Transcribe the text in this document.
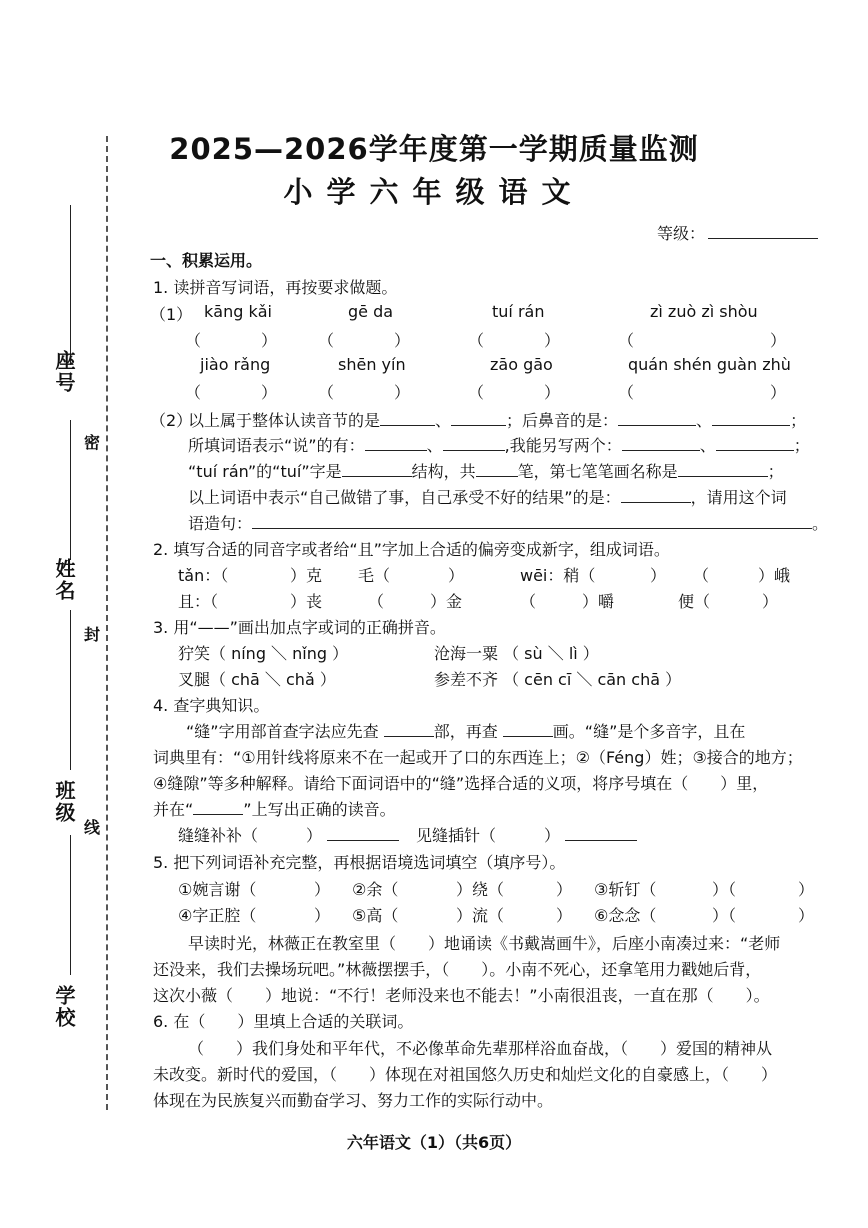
座号
姓名
班级
学校
密
封
线
2025—2026学年度第一学期质量监测
小学六年级语文
等级：
一、积累运用。
1. 读拼音写词语，再按要求做题。
（1） kāng kǎi	gē da	tuí rán	zì zuò zì shòu
（　　　） （　　　）	（　　　）	（　　　）
jiào rǎng	shēn yín	zāo gāo	quán shén guàn zhù
（　　　） （　　　）	（　　　）	（　　　）
（2）
以上属于整体认读音节的是	、	；后鼻音的是：	、	；
所填词语表示“说”的有：	、	,我能另写两个：	、	；
“tuí rán”的“tuí”字是	结构，共	笔，第七笔笔画名称是	；
以上词语中表示“自己做错了事，自己承受不好的结果”的是：	，请用这个词
语造句：	。
2. 填写合适的同音字或者给“且”字加上合适的偏旁变成新字，组成词语。
tǎn：（	）克 毛（	）	wēi：稍（	） （	）峨
且：（	）丧	（	）金	（	）嚼	便（	）
3. 用“——”画出加点字或词的正确拼音。
狞笑（ níng ＼ nǐng ）	沧海一粟 （ sù ＼ lì ）
叉腿（ chā ＼ chǎ ）	参差不齐 （ cēn cī ＼ cān chā ）
4. 查字典知识。
“缝”字用部首查字法应先查	部，再查	画。“缝”是个多音字，且在
词典里有：“①用针线将原来不在一起或开了口的东西连上；②（Féng）姓；③接合的地方；
④缝隙”等多种解释。请给下面词语中的“缝”选择合适的义项，将序号填在（　　）里，
并在“	”上写出正确的读音。
缝缝补补（　　　）	见缝插针（　　　）
5. 把下列词语补充完整，再根据语境选词填空（填序号）。
①婉言谢（	） ②余（	）绕（	） ③斩钉（	）（	）
④字正腔（	） ⑤高（	）流（	） ⑥念念（	）（	）
早读时光，林薇正在教室里（　　）地诵读《书戴嵩画牛》，后座小南凑过来：“老师
还没来，我们去操场玩吧。”林薇摆摆手，（　　）。小南不死心，还拿笔用力戳她后背，
这次小薇（　　）地说：“不行！老师没来也不能去！”小南很沮丧，一直在那（　　）。
6. 在（　　）里填上合适的关联词。
（　　）我们身处和平年代，不必像革命先辈那样浴血奋战，（　　）爱国的精神从
未改变。新时代的爱国，（　　）体现在对祖国悠久历史和灿烂文化的自豪感上，（　　）
体现在为民族复兴而勤奋学习、努力工作的实际行动中。
六年语文（1）（共6页）
